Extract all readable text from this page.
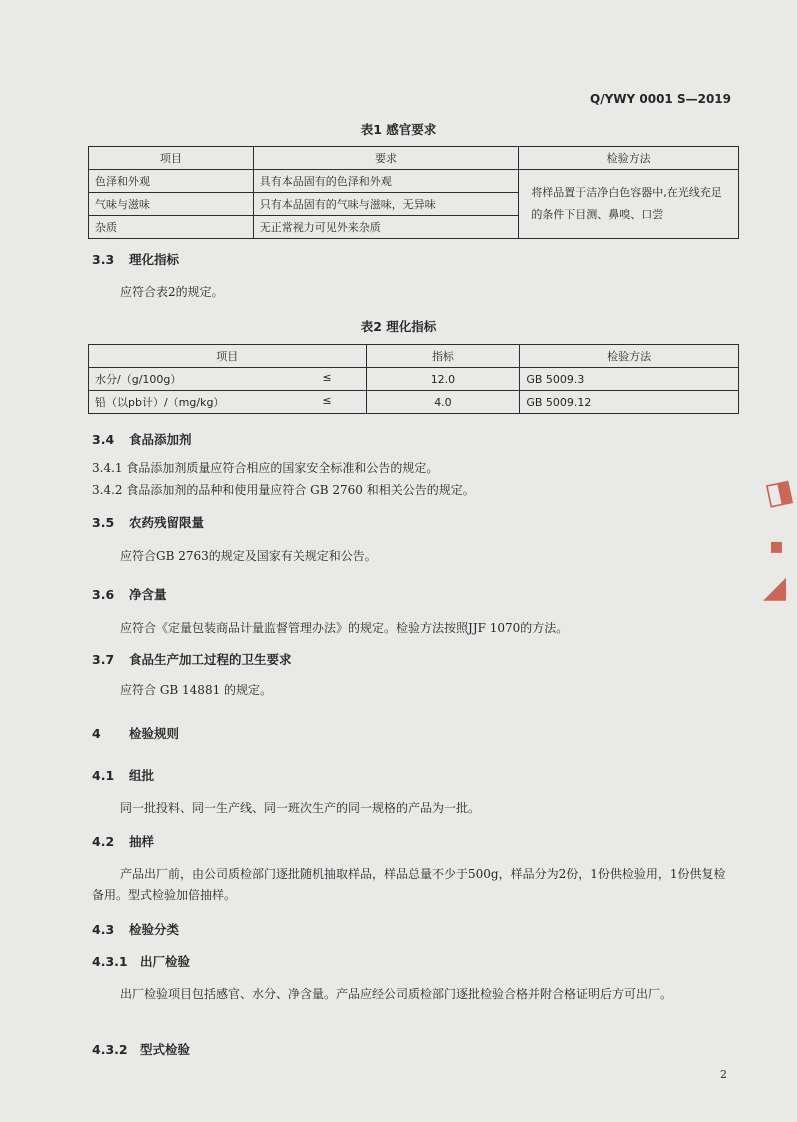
Q/YWY 0001 S—2019
表1 感官要求
项目	要求	检验方法
色泽和外观	具有本品固有的色泽和外观	将样品置于洁净白色容器中,在光线充足的条件下目测、鼻嗅、口尝
气味与滋味	只有本品固有的气味与滋味，无异味	
杂质	无正常视力可见外来杂质	
3.3 理化指标
应符合表2的规定。
表2 理化指标
项目	指标	检验方法
水分/（g/100g） ≤	12.0	GB 5009.3
铅（以pb计）/（mg/kg） ≤	4.0	GB 5009.12
3.4 食品添加剂
3.4.1 食品添加剂质量应符合相应的国家安全标准和公告的规定。
3.4.2 食品添加剂的品种和使用量应符合 GB 2760 和相关公告的规定。
3.5 农药残留限量
应符合GB 2763的规定及国家有关规定和公告。
3.6 净含量
应符合《定量包装商品计量监督管理办法》的规定。检验方法按照JJF 1070的方法。
3.7 食品生产加工过程的卫生要求
应符合 GB 14881 的规定。
4 检验规则
4.1 组批
同一批投料、同一生产线、同一班次生产的同一规格的产品为一批。
4.2 抽样
产品出厂前，由公司质检部门逐批随机抽取样品，样品总量不少于500g，样品分为2份，1份供检验用，1份供复检备用。型式检验加倍抽样。
4.3 检验分类
4.3.1 出厂检验
出厂检验项目包括感官、水分、净含量。产品应经公司质检部门逐批检验合格并附合格证明后方可出厂。
4.3.2 型式检验
◨
▪
◢
2
